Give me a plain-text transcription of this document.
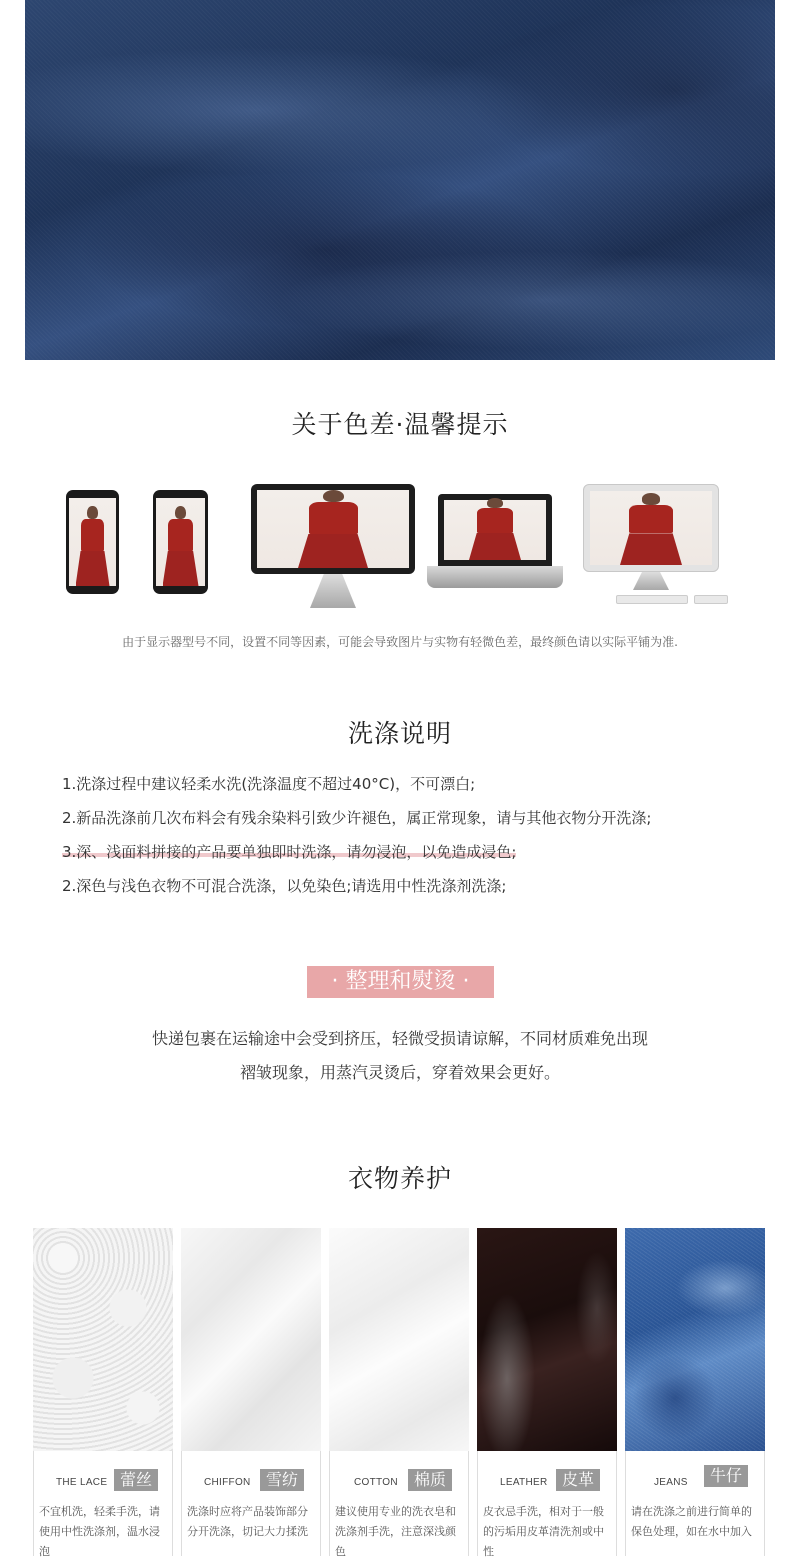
关于色差·温馨提示
由于显示器型号不同，设置不同等因素，可能会导致图片与实物有轻微色差，最终颜色请以实际平铺为准.
洗涤说明
1.洗涤过程中建议轻柔水洗(洗涤温度不超过40°C)，不可漂白;
2.新品洗涤前几次布料会有残余染料引致少许褪色，属正常现象，请与其他衣物分开洗涤;
3.深、浅面料拼接的产品要单独即时洗涤，请勿浸泡，以免造成浸色;
2.深色与浅色衣物不可混合洗涤，以免染色;请选用中性洗涤剂洗涤;
· 整理和熨烫 ·
快递包裹在运输途中会受到挤压，轻微受损请谅解，不同材质难免出现
褶皱现象，用蒸汽灵烫后，穿着效果会更好。
衣物养护
THE LACE 蕾丝
不宜机洗，轻柔手洗，请使用中性洗涤剂，温水浸泡
CHIFFON 雪纺
洗涤时应将产品装饰部分分开洗涤，切记大力揉洗
COTTON	棉质
建议使用专业的洗衣皂和洗涤剂手洗，注意深浅颜色
LEATHER 皮革
皮衣忌手洗，相对于一般的污垢用皮革清洗剂或中性
JEANS	牛仔
请在洗涤之前进行简单的保色处理，如在水中加入
